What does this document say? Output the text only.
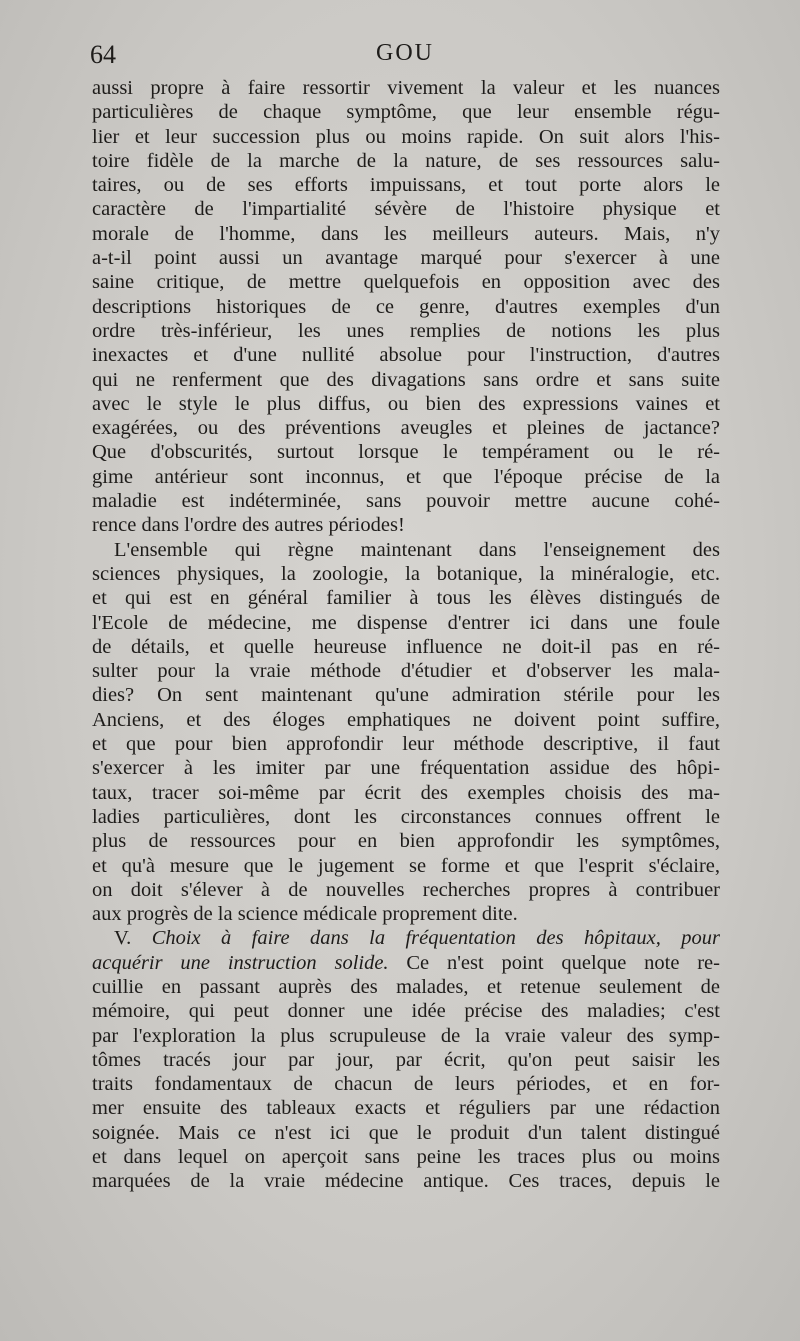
64	GOU
aussi propre à faire ressortir vivement la valeur et les nuances
particulières de chaque symptôme, que leur ensemble régu-
lier et leur succession plus ou moins rapide. On suit alors l'his-
toire fidèle de la marche de la nature, de ses ressources salu-
taires, ou de ses efforts impuissans, et tout porte alors le
caractère de l'impartialité sévère de l'histoire physique et
morale de l'homme, dans les meilleurs auteurs. Mais, n'y
a-t-il point aussi un avantage marqué pour s'exercer à une
saine critique, de mettre quelquefois en opposition avec des
descriptions historiques de ce genre, d'autres exemples d'un
ordre très-inférieur, les unes remplies de notions les plus
inexactes et d'une nullité absolue pour l'instruction, d'autres
qui ne renferment que des divagations sans ordre et sans suite
avec le style le plus diffus, ou bien des expressions vaines et
exagérées, ou des préventions aveugles et pleines de jactance?
Que d'obscurités, surtout lorsque le tempérament ou le ré-
gime antérieur sont inconnus, et que l'époque précise de la
maladie est indéterminée, sans pouvoir mettre aucune cohé-
rence dans l'ordre des autres périodes!
L'ensemble qui règne maintenant dans l'enseignement des
sciences physiques, la zoologie, la botanique, la minéralogie, etc.
et qui est en général familier à tous les élèves distingués de
l'Ecole de médecine, me dispense d'entrer ici dans une foule
de détails, et quelle heureuse influence ne doit-il pas en ré-
sulter pour la vraie méthode d'étudier et d'observer les mala-
dies? On sent maintenant qu'une admiration stérile pour les
Anciens, et des éloges emphatiques ne doivent point suffire,
et que pour bien approfondir leur méthode descriptive, il faut
s'exercer à les imiter par une fréquentation assidue des hôpi-
taux, tracer soi-même par écrit des exemples choisis des ma-
ladies particulières, dont les circonstances connues offrent le
plus de ressources pour en bien approfondir les symptômes,
et qu'à mesure que le jugement se forme et que l'esprit s'éclaire,
on doit s'élever à de nouvelles recherches propres à contribuer
aux progrès de la science médicale proprement dite.
V. Choix à faire dans la fréquentation des hôpitaux, pour
acquérir une instruction solide. Ce n'est point quelque note re-
cuillie en passant auprès des malades, et retenue seulement de
mémoire, qui peut donner une idée précise des maladies; c'est
par l'exploration la plus scrupuleuse de la vraie valeur des symp-
tômes tracés jour par jour, par écrit, qu'on peut saisir les
traits fondamentaux de chacun de leurs périodes, et en for-
mer ensuite des tableaux exacts et réguliers par une rédaction
soignée. Mais ce n'est ici que le produit d'un talent distingué
et dans lequel on aperçoit sans peine les traces plus ou moins
marquées de la vraie médecine antique. Ces traces, depuis le
